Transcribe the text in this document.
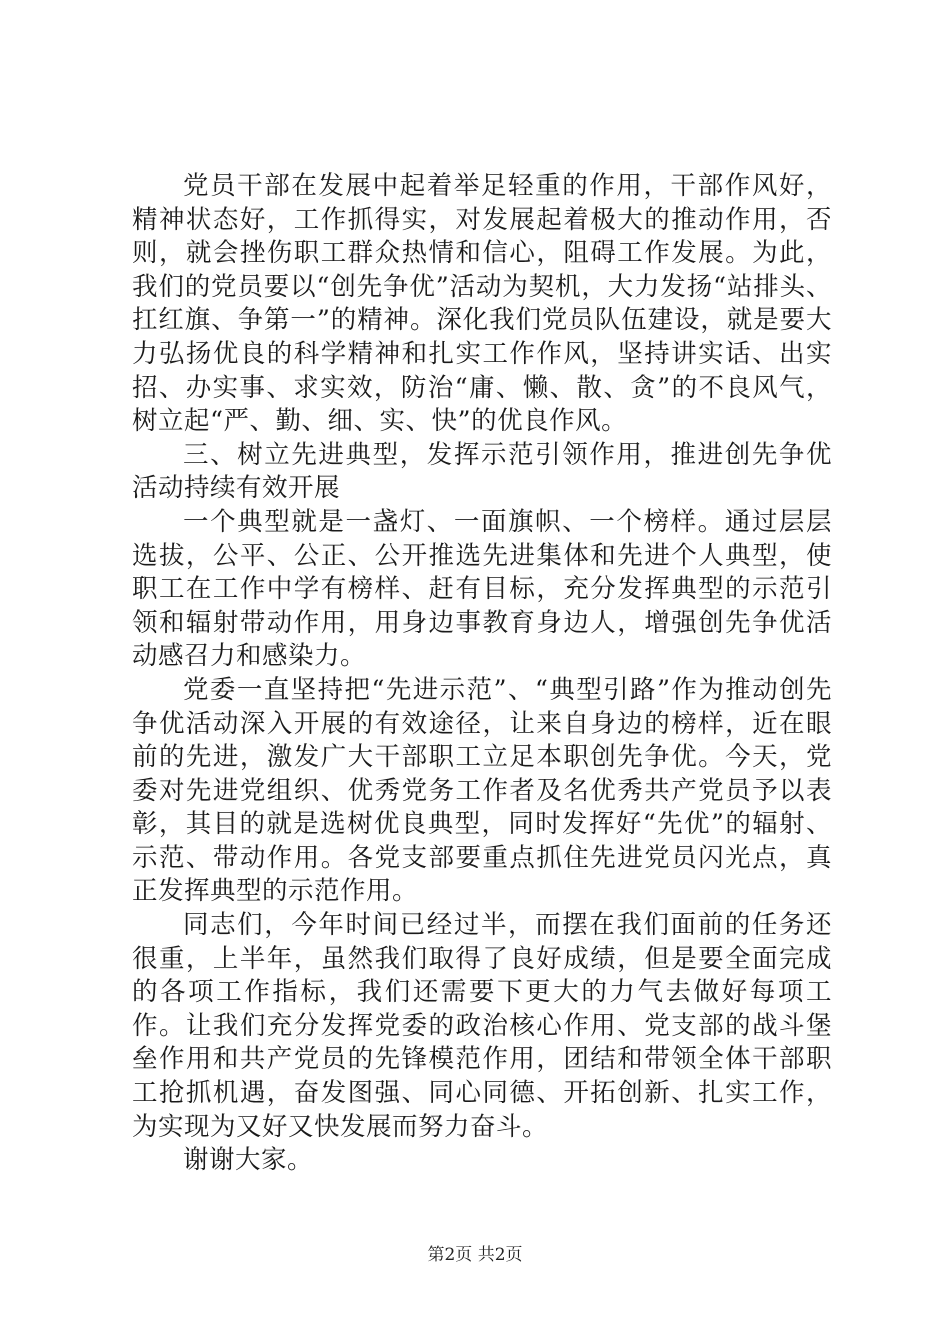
党员干部在发展中起着举足轻重的作用，干部作风好，精神状态好，工作抓得实，对发展起着极大的推动作用，否则，就会挫伤职工群众热情和信心，阻碍工作发展。为此，我们的党员要以“创先争优”活动为契机，大力发扬“站排头、扛红旗、争第一”的精神。深化我们党员队伍建设，就是要大力弘扬优良的科学精神和扎实工作作风，坚持讲实话、出实招、办实事、求实效，防治“庸、懒、散、贪”的不良风气，树立起“严、勤、细、实、快”的优良作风。

三、树立先进典型，发挥示范引领作用，推进创先争优活动持续有效开展

一个典型就是一盏灯、一面旗帜、一个榜样。通过层层选拔，公平、公正、公开推选先进集体和先进个人典型，使职工在工作中学有榜样、赶有目标，充分发挥典型的示范引领和辐射带动作用，用身边事教育身边人，增强创先争优活动感召力和感染力。

党委一直坚持把“先进示范”、“典型引路”作为推动创先争优活动深入开展的有效途径，让来自身边的榜样，近在眼前的先进，激发广大干部职工立足本职创先争优。今天，党委对先进党组织、优秀党务工作者及名优秀共产党员予以表彰，其目的就是选树优良典型，同时发挥好“先优”的辐射、示范、带动作用。各党支部要重点抓住先进党员闪光点，真正发挥典型的示范作用。

同志们，今年时间已经过半，而摆在我们面前的任务还很重，上半年，虽然我们取得了良好成绩，但是要全面完成的各项工作指标，我们还需要下更大的力气去做好每项工作。让我们充分发挥党委的政治核心作用、党支部的战斗堡垒作用和共产党员的先锋模范作用，团结和带领全体干部职工抢抓机遇，奋发图强、同心同德、开拓创新、扎实工作，为实现为又好又快发展而努力奋斗。

谢谢大家。

第2页 共2页
